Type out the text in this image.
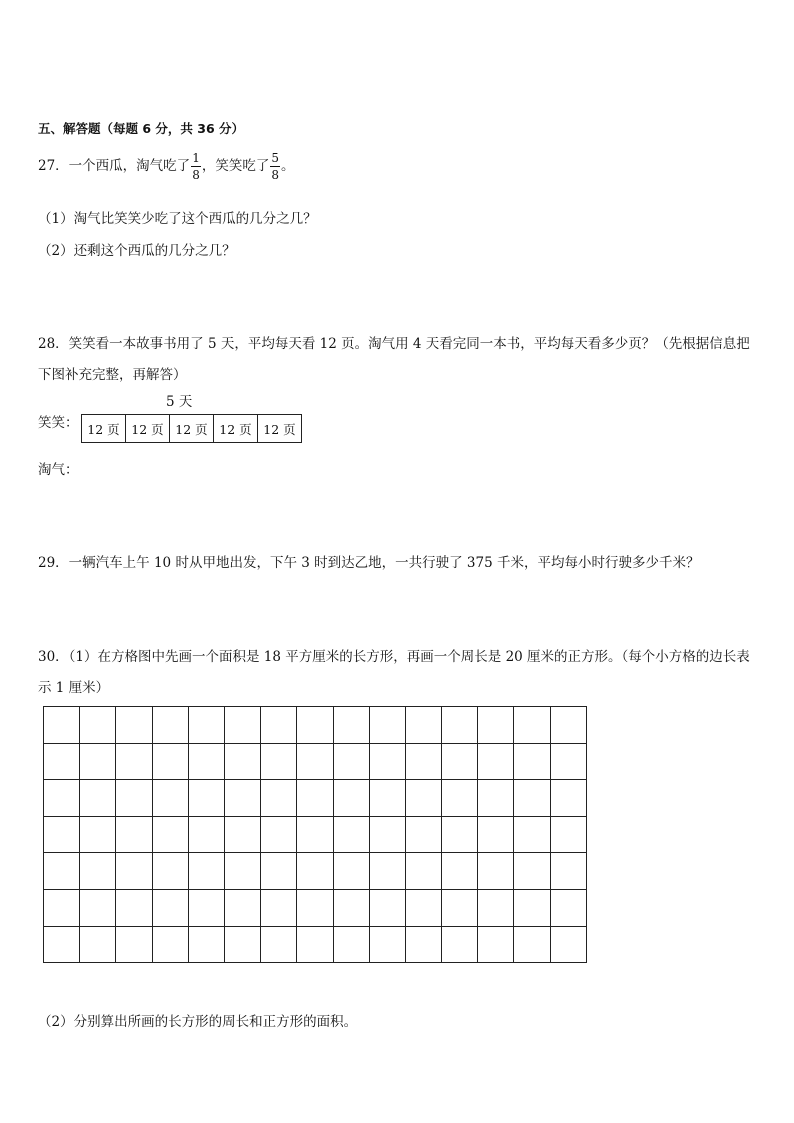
五、解答题（每题 6 分，共 36 分）
27．一个西瓜，淘气吃了 $\frac{1}{8}$ ，笑笑吃了 $\frac{5}{8}$ 。
（1）淘气比笑笑少吃了这个西瓜的几分之几？
（2）还剩这个西瓜的几分之几？
28．笑笑看一本故事书用了 5 天，平均每天看 12 页。淘气用 4 天看完同一本书，平均每天看多少页？（先根据信息把
下图补充完整，再解答）
5 天
笑笑： 12 页 12 页 12 页 12 页 12 页
淘气：
29．一辆汽车上午 10 时从甲地出发，下午 3 时到达乙地，一共行驶了 375 千米，平均每小时行驶多少千米？
30．（1）在方格图中先画一个面积是 18 平方厘米的长方形，再画一个周长是 20 厘米的正方形。（每个小方格的边长表
示 1 厘米）
（2）分别算出所画的长方形的周长和正方形的面积。
